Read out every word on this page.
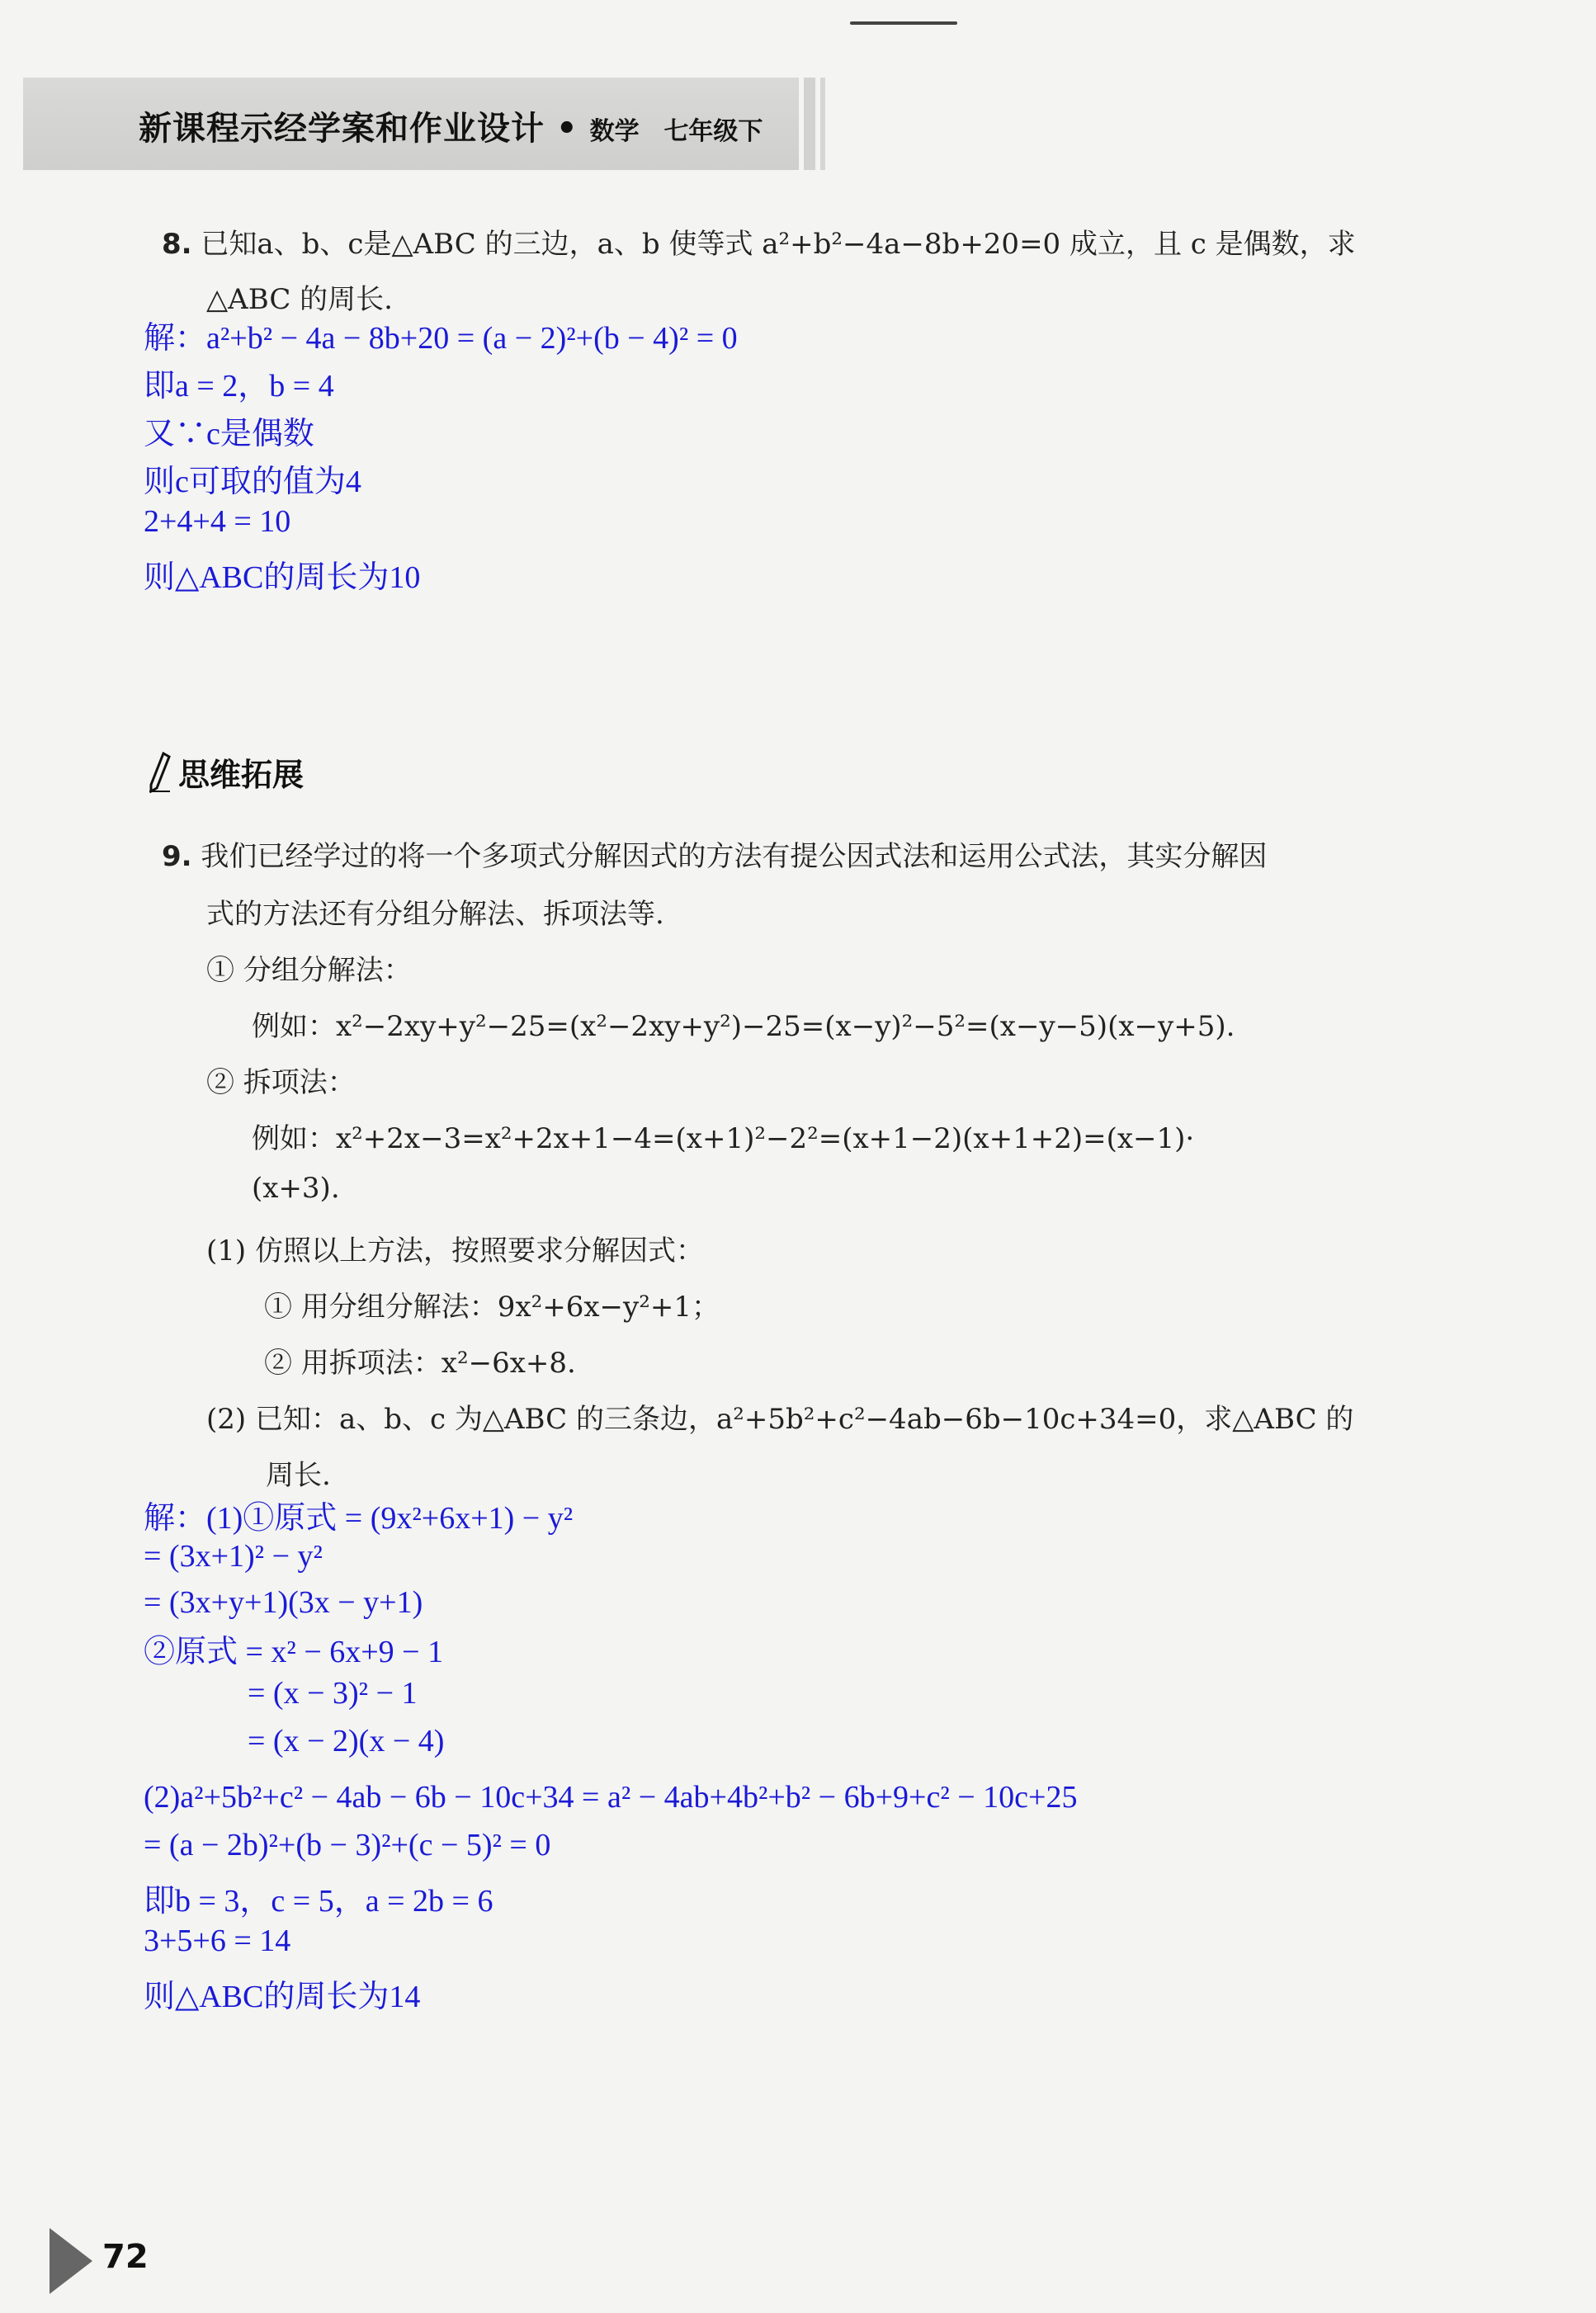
新课程示经学案和作业设计 • 数学 七年级下
8. 已知a、b、c是△ABC 的三边，a、b 使等式 a²+b²−4a−8b+20=0 成立，且 c 是偶数，求
△ABC 的周长.
解：a²+b² − 4a − 8b+20 = (a − 2)²+(b − 4)² = 0
即a = 2，b = 4
又∵c是偶数
则c可取的值为4
2+4+4 = 10
则△ABC的周长为10
思维拓展
9. 我们已经学过的将一个多项式分解因式的方法有提公因式法和运用公式法，其实分解因
式的方法还有分组分解法、拆项法等.
① 分组分解法：
例如：x²−2xy+y²−25=(x²−2xy+y²)−25=(x−y)²−5²=(x−y−5)(x−y+5).
② 拆项法：
例如：x²+2x−3=x²+2x+1−4=(x+1)²−2²=(x+1−2)(x+1+2)=(x−1)·
(x+3).
(1) 仿照以上方法，按照要求分解因式：
① 用分组分解法：9x²+6x−y²+1；
② 用拆项法：x²−6x+8.
(2) 已知：a、b、c 为△ABC 的三条边，a²+5b²+c²−4ab−6b−10c+34=0，求△ABC 的
周长.
解：(1)①原式 = (9x²+6x+1) − y²
= (3x+1)² − y²
= (3x+y+1)(3x − y+1)
②原式 = x² − 6x+9 − 1
= (x − 3)² − 1
= (x − 2)(x − 4)
(2)a²+5b²+c² − 4ab − 6b − 10c+34 = a² − 4ab+4b²+b² − 6b+9+c² − 10c+25
= (a − 2b)²+(b − 3)²+(c − 5)² = 0
即b = 3，c = 5，a = 2b = 6
3+5+6 = 14
则△ABC的周长为14
72
